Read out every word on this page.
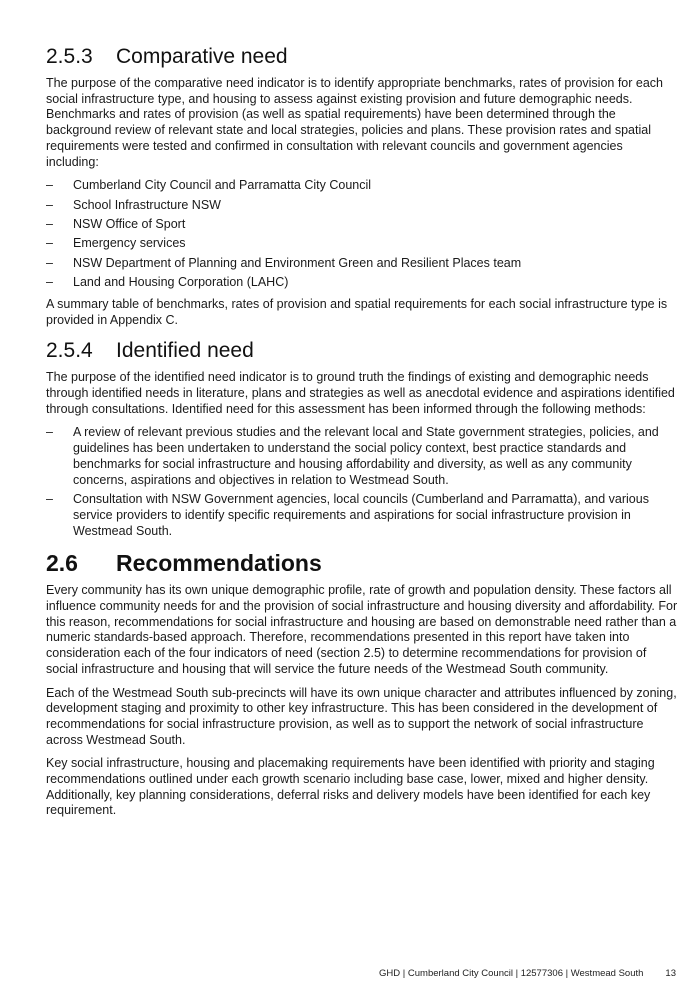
2.5.3	Comparative need

The purpose of the comparative need indicator is to identify appropriate benchmarks, rates of provision for each social infrastructure type, and housing to assess against existing provision and future demographic needs. Benchmarks and rates of provision (as well as spatial requirements) have been determined through the background review of relevant state and local strategies, policies and plans. These provision rates and spatial requirements were tested and confirmed in consultation with relevant councils and government agencies including:

– Cumberland City Council and Parramatta City Council
– School Infrastructure NSW
– NSW Office of Sport
– Emergency services
– NSW Department of Planning and Environment Green and Resilient Places team
– Land and Housing Corporation (LAHC)

A summary table of benchmarks, rates of provision and spatial requirements for each social infrastructure type is provided in Appendix C.

2.5.4	Identified need

The purpose of the identified need indicator is to ground truth the findings of existing and demographic needs through identified needs in literature, plans and strategies as well as anecdotal evidence and aspirations identified through consultations. Identified need for this assessment has been informed through the following methods:

– A review of relevant previous studies and the relevant local and State government strategies, policies, and guidelines has been undertaken to understand the social policy context, best practice standards and benchmarks for social infrastructure and housing affordability and diversity, as well as any community concerns, aspirations and objectives in relation to Westmead South.
– Consultation with NSW Government agencies, local councils (Cumberland and Parramatta), and various service providers to identify specific requirements and aspirations for social infrastructure provision in Westmead South.
2.6	Recommendations

Every community has its own unique demographic profile, rate of growth and population density. These factors all influence community needs for and the provision of social infrastructure and housing diversity and affordability. For this reason, recommendations for social infrastructure and housing are based on demonstrable need rather than a numeric standards-based approach. Therefore, recommendations presented in this report have taken into consideration each of the four indicators of need (section 2.5) to determine recommendations for provision of social infrastructure and housing that will service the future needs of the Westmead South community.

Each of the Westmead South sub-precincts will have its own unique character and attributes influenced by zoning, development staging and proximity to other key infrastructure. This has been considered in the development of recommendations for social infrastructure provision, as well as to support the network of social infrastructure across Westmead South.

Key social infrastructure, housing and placemaking requirements have been identified with priority and staging recommendations outlined under each growth scenario including base case, lower, mixed and higher density. Additionally, key planning considerations, deferral risks and delivery models have been identified for each key requirement.

GHD | Cumberland City Council | 12577306 | Westmead South 13
